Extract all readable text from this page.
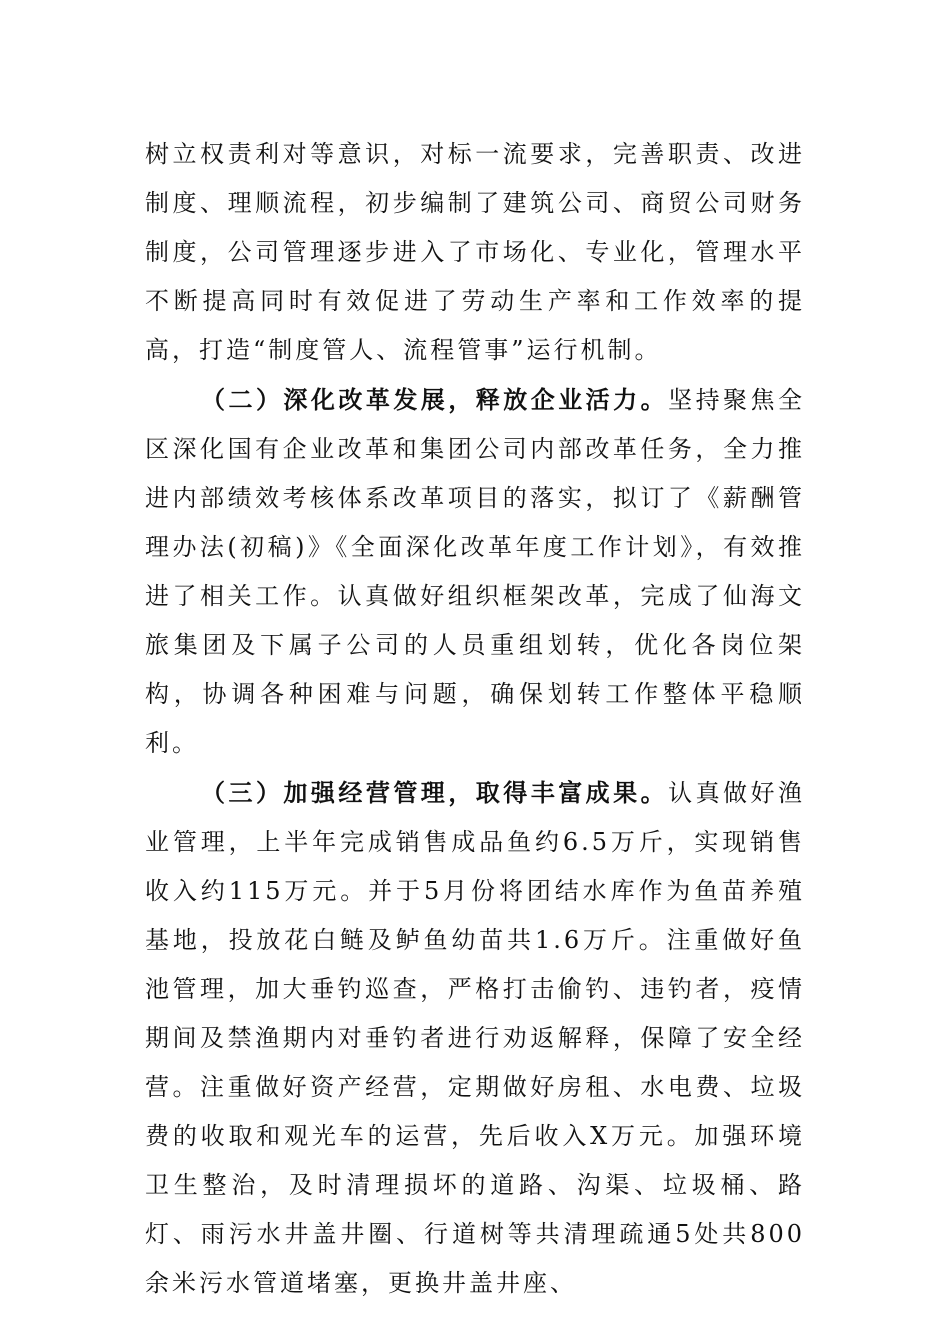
树立权责利对等意识，对标一流要求，完善职责、改进制度、理顺流程，初步编制了建筑公司、商贸公司财务制度，公司管理逐步进入了市场化、专业化，管理水平不断提高同时有效促进了劳动生产率和工作效率的提高，打造“制度管人、流程管事”运行机制。

（二）深化改革发展，释放企业活力。坚持聚焦全区深化国有企业改革和集团公司内部改革任务，全力推进内部绩效考核体系改革项目的落实，拟订了《薪酬管理办法(初稿)》《全面深化改革年度工作计划》，有效推进了相关工作。认真做好组织框架改革，完成了仙海文旅集团及下属子公司的人员重组划转，优化各岗位架构，协调各种困难与问题，确保划转工作整体平稳顺利。

（三）加强经营管理，取得丰富成果。认真做好渔业管理，上半年完成销售成品鱼约6.5万斤，实现销售收入约115万元。并于5月份将团结水库作为鱼苗养殖基地，投放花白鲢及鲈鱼幼苗共1.6万斤。注重做好鱼池管理，加大垂钓巡查，严格打击偷钓、违钓者，疫情期间及禁渔期内对垂钓者进行劝返解释，保障了安全经营。注重做好资产经营，定期做好房租、水电费、垃圾费的收取和观光车的运营，先后收入X万元。加强环境卫生整治，及时清理损坏的道路、沟渠、垃圾桶、路灯、雨污水井盖井圈、行道树等共清理疏通5处共800余米污水管道堵塞，更换井盖井座、
